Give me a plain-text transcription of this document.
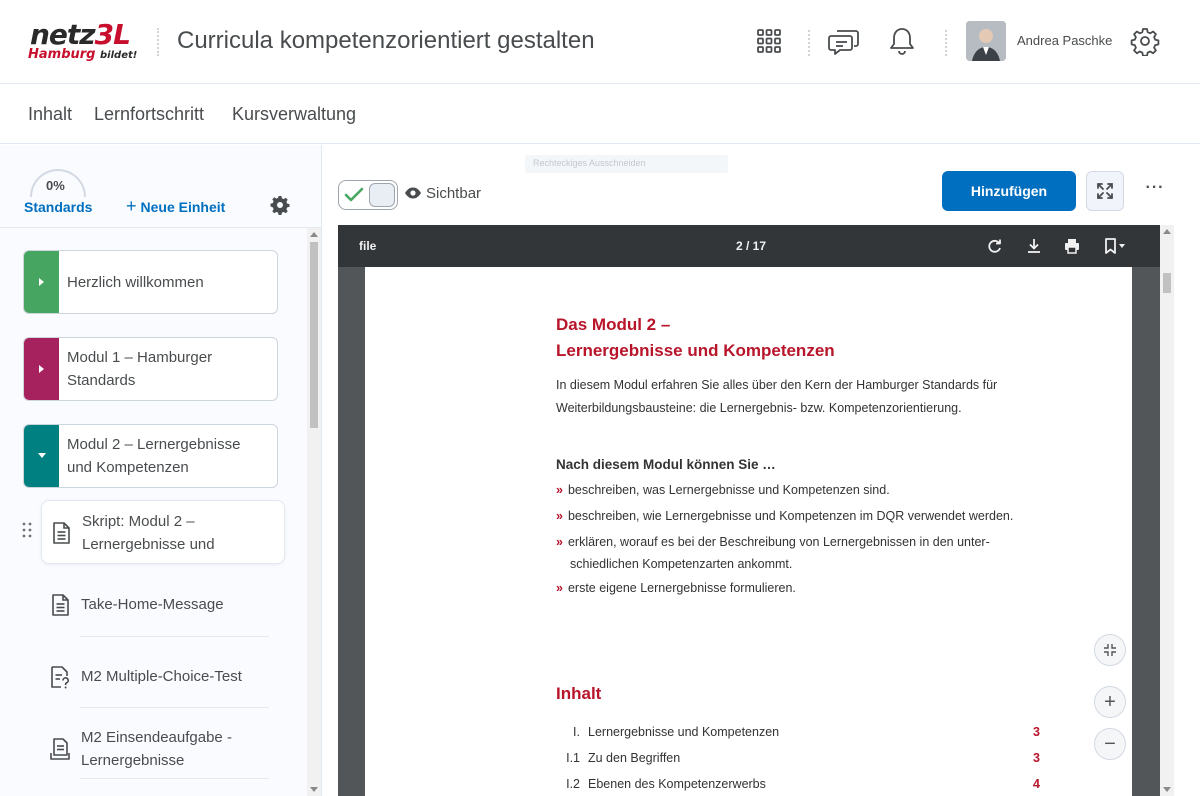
netz3L
Hamburg bildet!
Curricula kompetenzorientiert gestalten	Andrea Paschke
Inhalt Lernfortschritt Kursverwaltung
0%
Standards + Neue Einheit
Herzlich willkommen
Modul 1 – Hamburger Standards
Modul 2 – Lernergebnisse und Kompetenzen
Skript: Modul 2 – Lernergebnisse und
Take-Home-Message
M2 Multiple-Choice-Test
M2 Einsendeaufgabe - Lernergebnisse
Rechteckiges Ausschneiden
Sichtbar	Hinzufügen	···
file	2 / 17
Das Modul 2 –
Lernergebnisse und Kompetenzen
In diesem Modul erfahren Sie alles über den Kern der Hamburger Standards für
Weiterbildungsbausteine: die Lernergebnis- bzw. Kompetenzorientierung.
Nach diesem Modul können Sie …
» beschreiben, was Lernergebnisse und Kompetenzen sind.
» beschreiben, wie Lernergebnisse und Kompetenzen im DQR verwendet werden.
» erklären, worauf es bei der Beschreibung von Lernergebnissen in den unter-
schiedlichen Kompetenzarten ankommt.
» erste eigene Lernergebnisse formulieren.
Inhalt
I. Lernergebnisse und Kompetenzen	3
I.1 Zu den Begriffen	3
I.2 Ebenen des Kompetenzerwerbs	4
+
−
